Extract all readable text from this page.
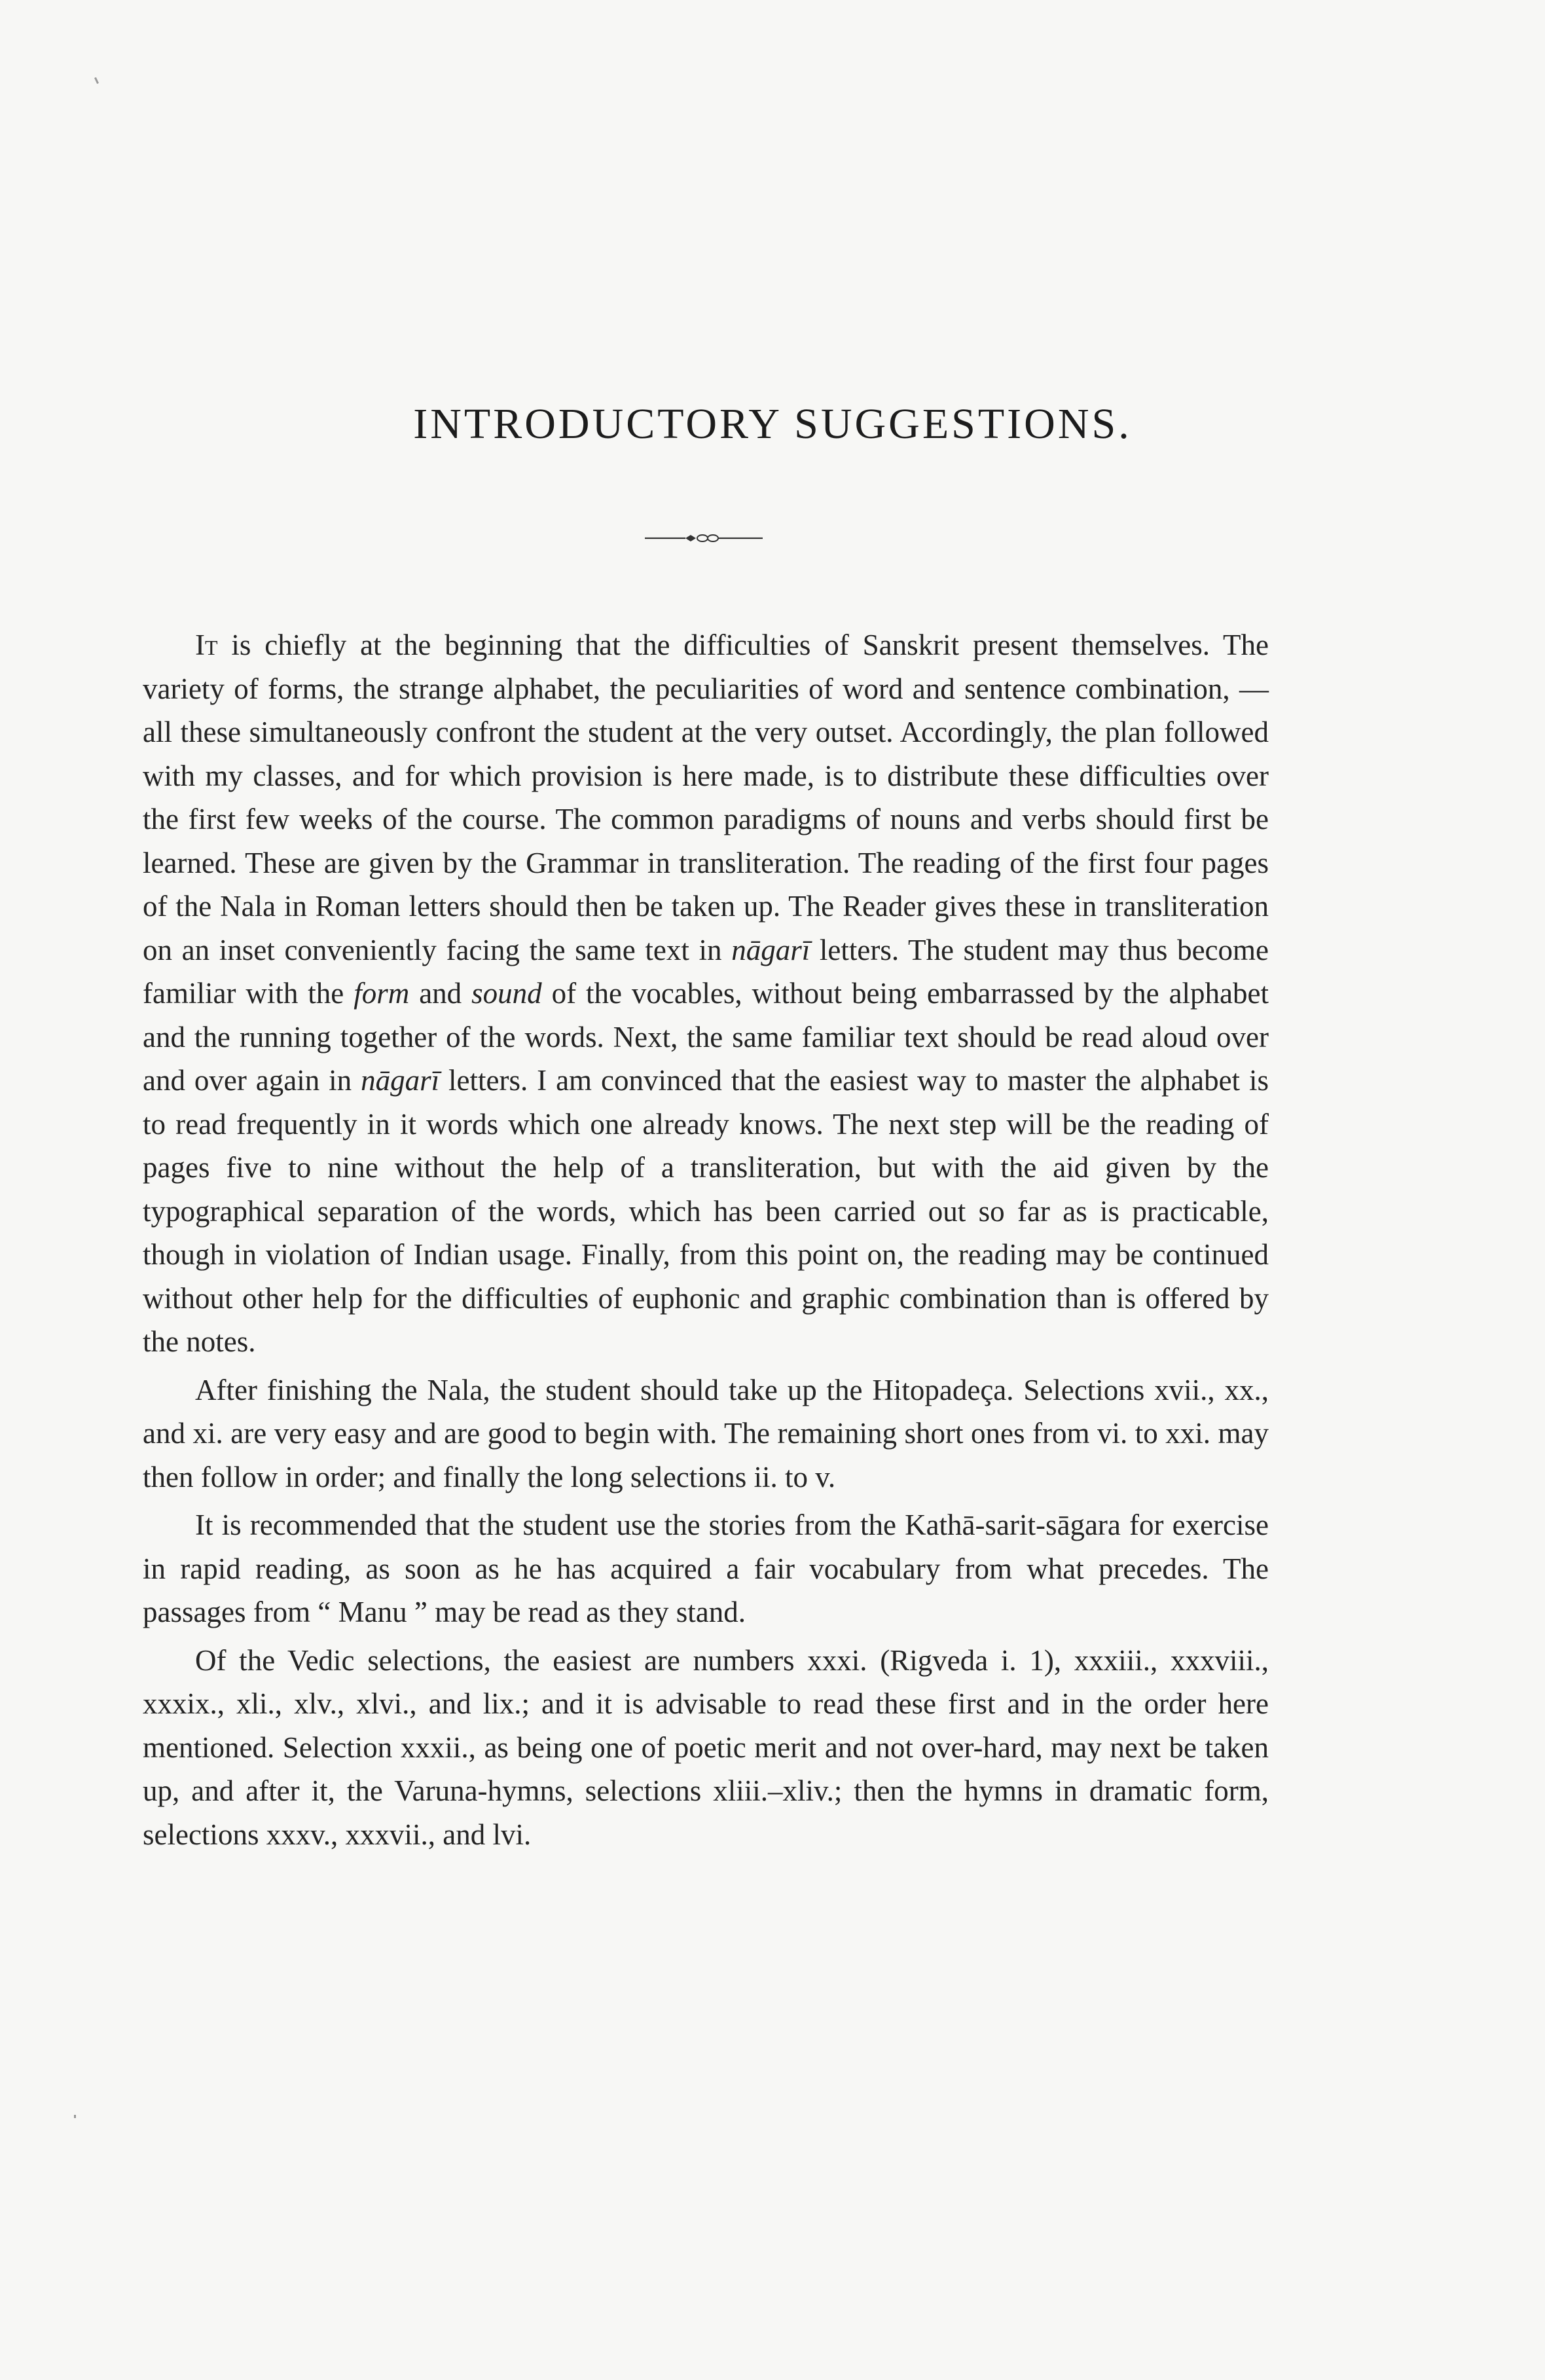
INTRODUCTORY SUGGESTIONS.

It is chiefly at the beginning that the difficulties of Sanskrit present themselves. The variety of forms, the strange alphabet, the peculiarities of word and sentence combination, — all these simultaneously confront the student at the very outset. Accordingly, the plan followed with my classes, and for which provision is here made, is to distribute these difficulties over the first few weeks of the course. The common paradigms of nouns and verbs should first be learned. These are given by the Grammar in transliteration. The reading of the first four pages of the Nala in Roman letters should then be taken up. The Reader gives these in transliteration on an inset conveniently facing the same text in nāgarī letters. The student may thus become familiar with the form and sound of the vocables, without being embarrassed by the alphabet and the running together of the words. Next, the same familiar text should be read aloud over and over again in nāgarī letters. I am convinced that the easiest way to master the alphabet is to read frequently in it words which one already knows. The next step will be the reading of pages five to nine without the help of a transliteration, but with the aid given by the typographical separation of the words, which has been carried out so far as is practicable, though in violation of Indian usage. Finally, from this point on, the reading may be continued without other help for the difficulties of euphonic and graphic combination than is offered by the notes.

After finishing the Nala, the student should take up the Hitopadeça. Selections xvii., xx., and xi. are very easy and are good to begin with. The remaining short ones from vi. to xxi. may then follow in order; and finally the long selections ii. to v.

It is recommended that the student use the stories from the Kathā-sarit-sāgara for exercise in rapid reading, as soon as he has acquired a fair vocabulary from what precedes. The passages from “ Manu ” may be read as they stand.

Of the Vedic selections, the easiest are numbers xxxi. (Rigveda i. 1), xxxiii., xxxviii., xxxix., xli., xlv., xlvi., and lix.; and it is advisable to read these first and in the order here mentioned. Selection xxxii., as being one of poetic merit and not over-hard, may next be taken up, and after it, the Varuna-hymns, selections xliii.–xliv.; then the hymns in dramatic form, selections xxxv., xxxvii., and lvi.
